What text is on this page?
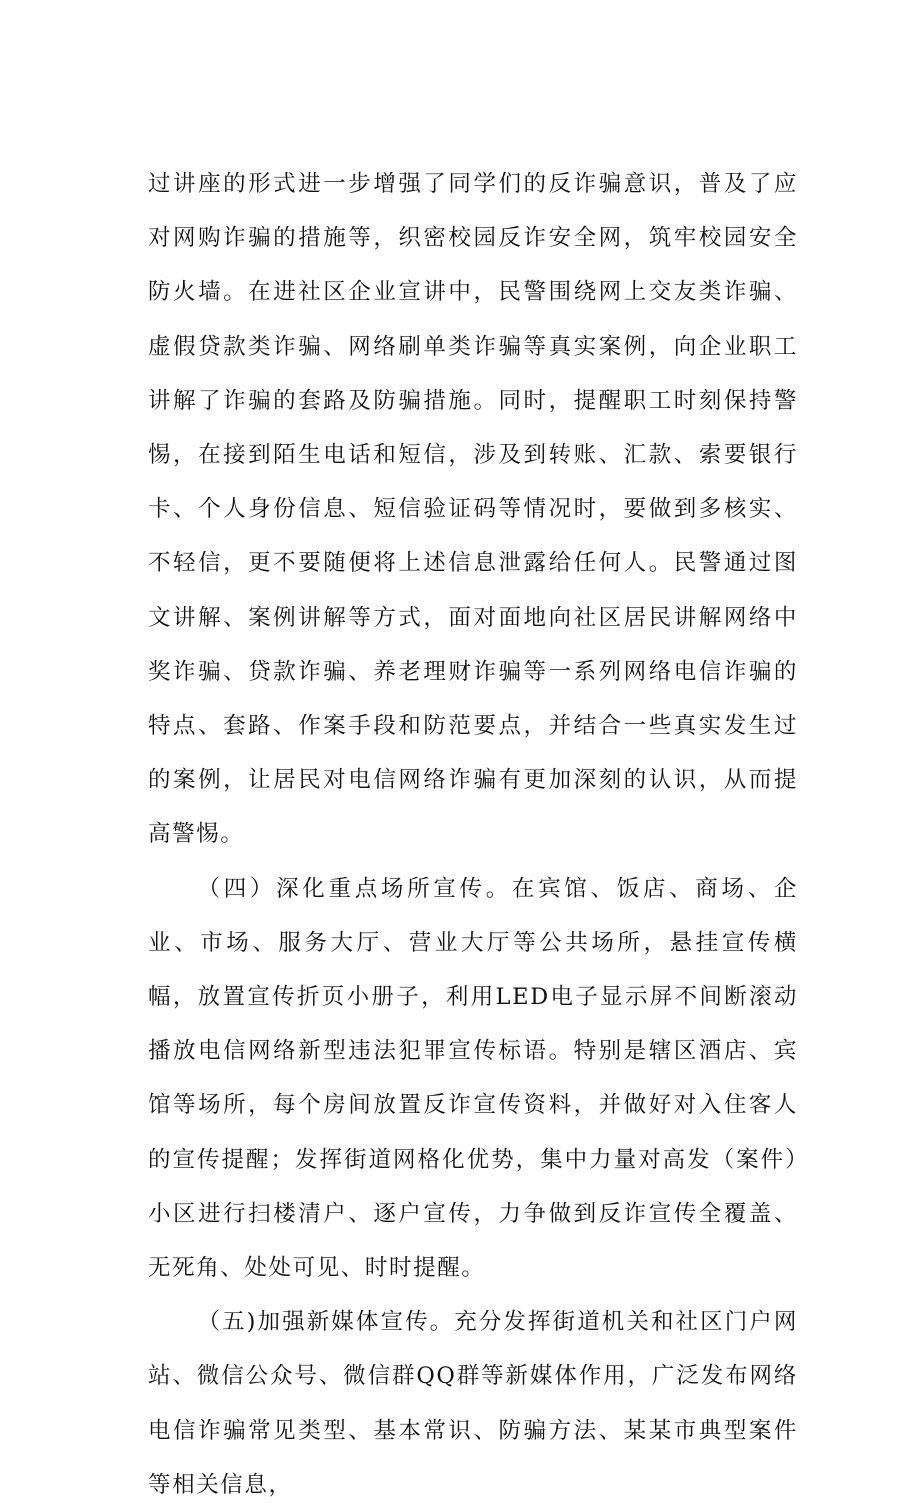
过讲座的形式进一步增强了同学们的反诈骗意识，普及了应对网购诈骗的措施等，织密校园反诈安全网，筑牢校园安全防火墙。在进社区企业宣讲中，民警围绕网上交友类诈骗、虚假贷款类诈骗、网络刷单类诈骗等真实案例，向企业职工讲解了诈骗的套路及防骗措施。同时，提醒职工时刻保持警惕，在接到陌生电话和短信，涉及到转账、汇款、索要银行卡、个人身份信息、短信验证码等情况时，要做到多核实、不轻信，更不要随便将上述信息泄露给任何人。民警通过图文讲解、案例讲解等方式，面对面地向社区居民讲解网络中奖诈骗、贷款诈骗、养老理财诈骗等一系列网络电信诈骗的特点、套路、作案手段和防范要点，并结合一些真实发生过的案例，让居民对电信网络诈骗有更加深刻的认识，从而提高警惕。

（四）深化重点场所宣传。在宾馆、饭店、商场、企业、市场、服务大厅、营业大厅等公共场所，悬挂宣传横幅，放置宣传折页小册子，利用LED电子显示屏不间断滚动播放电信网络新型违法犯罪宣传标语。特别是辖区酒店、宾馆等场所，每个房间放置反诈宣传资料，并做好对入住客人的宣传提醒；发挥街道网格化优势，集中力量对高发（案件）小区进行扫楼清户、逐户宣传，力争做到反诈宣传全覆盖、无死角、处处可见、时时提醒。

（五)加强新媒体宣传。充分发挥街道机关和社区门户网站、微信公众号、微信群QQ群等新媒体作用，广泛发布网络电信诈骗常见类型、基本常识、防骗方法、某某市典型案件等相关信息，
